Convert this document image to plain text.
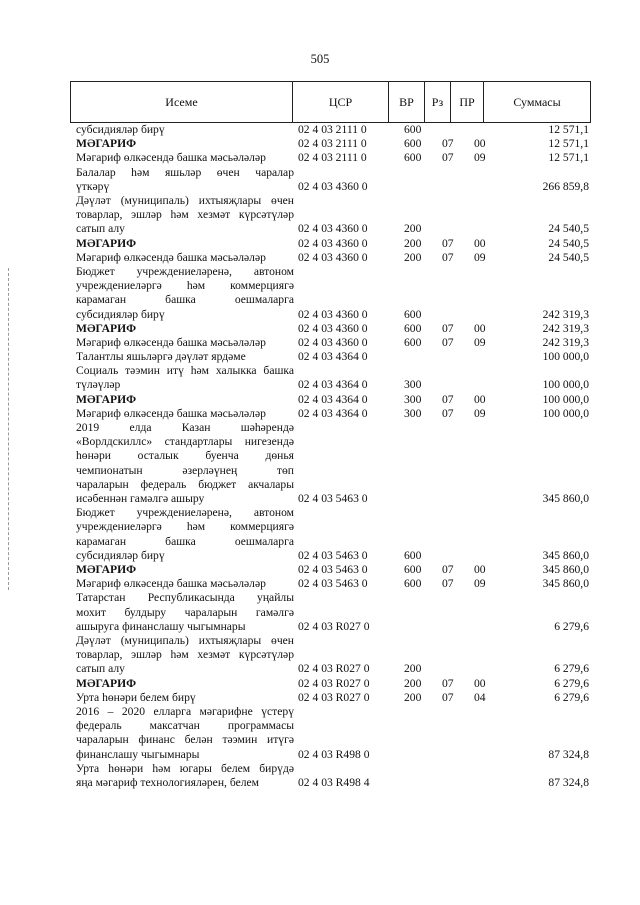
505
Исеме	ЦСР	ВР	Рз	ПР	Суммасы
субсидияләр бирү	02 4 03 2111 0	600	12 571,1
МӘГАРИФ	02 4 03 2111 0	600 07 00	12 571,1
Мәгариф өлкәсендә башка мәсьәләләр	02 4 03 2111 0	600 07 09	12 571,1
Балалар һәм яшьләр өчен чаралар
үткәрү	02 4 03 4360 0	266 859,8
Дәүләт (муниципаль) ихтыяҗлары өчен
товарлар, эшләр һәм хезмәт күрсәтүләр
сатып алу	02 4 03 4360 0	200	24 540,5
МӘГАРИФ	02 4 03 4360 0	200 07 00	24 540,5
Мәгариф өлкәсендә башка мәсьәләләр	02 4 03 4360 0	200 07 09	24 540,5
Бюджет учреждениеләренә, автоном
учреждениеләргә һәм коммерциягә
карамаган башка оешмаларга
субсидияләр бирү	02 4 03 4360 0	600	242 319,3
МӘГАРИФ	02 4 03 4360 0	600 07 00	242 319,3
Мәгариф өлкәсендә башка мәсьәләләр	02 4 03 4360 0	600 07 09	242 319,3
Талантлы яшьләргә дәүләт ярдәме	02 4 03 4364 0	100 000,0
Социаль тәэмин итү һәм халыкка башка
түләүләр	02 4 03 4364 0	300	100 000,0
МӘГАРИФ	02 4 03 4364 0	300 07 00	100 000,0
Мәгариф өлкәсендә башка мәсьәләләр	02 4 03 4364 0	300 07 09	100 000,0
2019 елда Казан шәһәрендә
«Ворлдскиллс» стандартлары нигезендә
һөнәри осталык буенча дөнья
чемпионатын әзерләүнең төп
чараларын федераль бюджет акчалары
исәбеннән гамәлгә ашыру	02 4 03 5463 0	345 860,0
Бюджет учреждениеләренә, автоном
учреждениеләргә һәм коммерциягә
карамаган башка оешмаларга
субсидияләр бирү	02 4 03 5463 0	600	345 860,0
МӘГАРИФ	02 4 03 5463 0	600 07 00	345 860,0
Мәгариф өлкәсендә башка мәсьәләләр	02 4 03 5463 0	600 07 09	345 860,0
Татарстан Республикасында уңайлы
мохит булдыру чараларын гамәлгә
ашыруга финанслашу чыгымнары	02 4 03 R027 0	6 279,6
Дәүләт (муниципаль) ихтыяҗлары өчен
товарлар, эшләр һәм хезмәт күрсәтүләр
сатып алу	02 4 03 R027 0	200	6 279,6
МӘГАРИФ	02 4 03 R027 0	200 07 00	6 279,6
Урта һөнәри белем бирү	02 4 03 R027 0	200 07 04	6 279,6
2016 – 2020 елларга мәгарифне үстерү
федераль максатчан программасы
чараларын финанс белән тәэмин итүгә
финанслашу чыгымнары	02 4 03 R498 0	87 324,8
Урта һөнәри һәм югары белем бирүдә
яңа мәгариф технологияләрен, белем	02 4 03 R498 4	87 324,8
